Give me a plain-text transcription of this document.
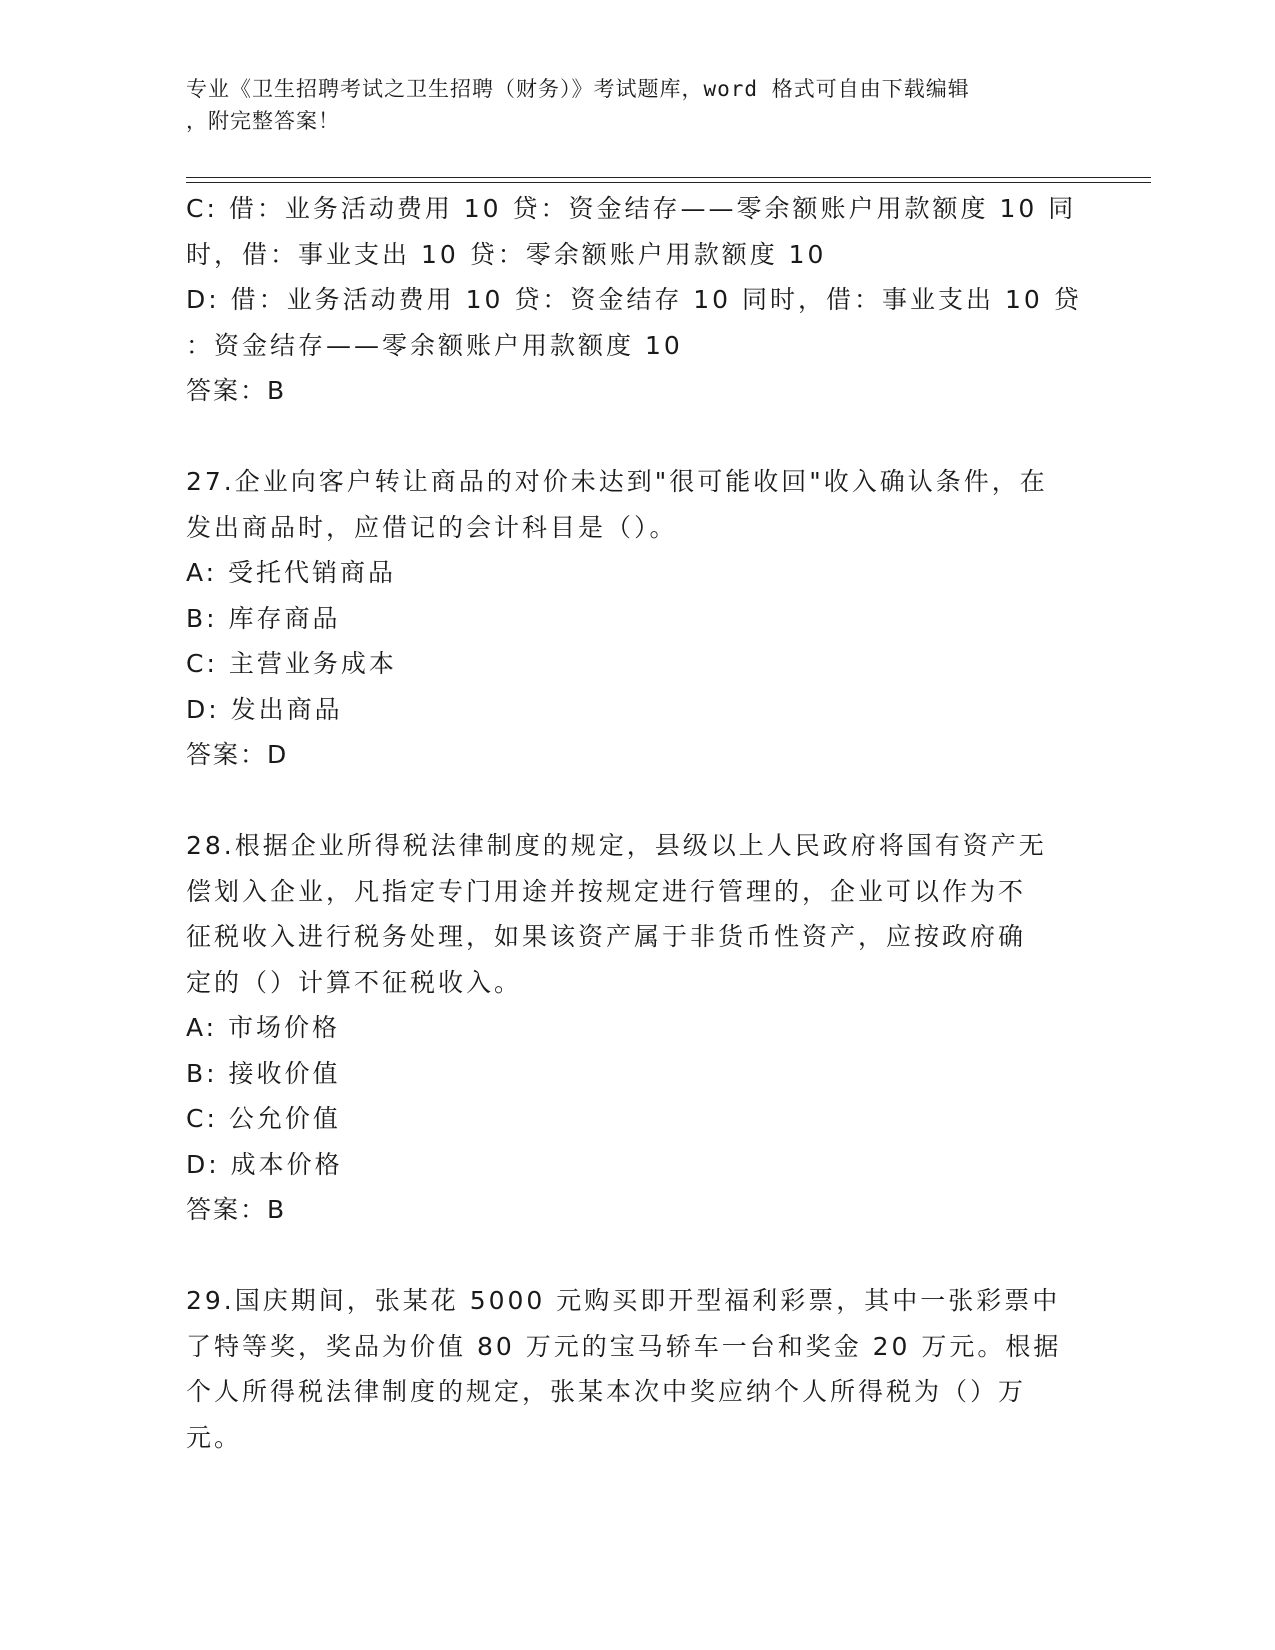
专业《卫生招聘考试之卫生招聘（财务）》考试题库，word 格式可自由下载编辑
，附完整答案！
C: 借：业务活动费用 10 贷：资金结存——零余额账户用款额度 10 同
时，借：事业支出 10 贷：零余额账户用款额度 10
D: 借：业务活动费用 10 贷：资金结存 10 同时，借：事业支出 10 贷
：资金结存——零余额账户用款额度 10
答案：B
27.企业向客户转让商品的对价未达到"很可能收回"收入确认条件，在
发出商品时，应借记的会计科目是（）。
A: 受托代销商品
B: 库存商品
C: 主营业务成本
D: 发出商品
答案：D
28.根据企业所得税法律制度的规定，县级以上人民政府将国有资产无
偿划入企业，凡指定专门用途并按规定进行管理的，企业可以作为不
征税收入进行税务处理，如果该资产属于非货币性资产，应按政府确
定的（）计算不征税收入。
A: 市场价格
B: 接收价值
C: 公允价值
D: 成本价格
答案：B
29.国庆期间，张某花 5000 元购买即开型福利彩票，其中一张彩票中
了特等奖，奖品为价值 80 万元的宝马轿车一台和奖金 20 万元。根据
个人所得税法律制度的规定，张某本次中奖应纳个人所得税为（）万
元。
